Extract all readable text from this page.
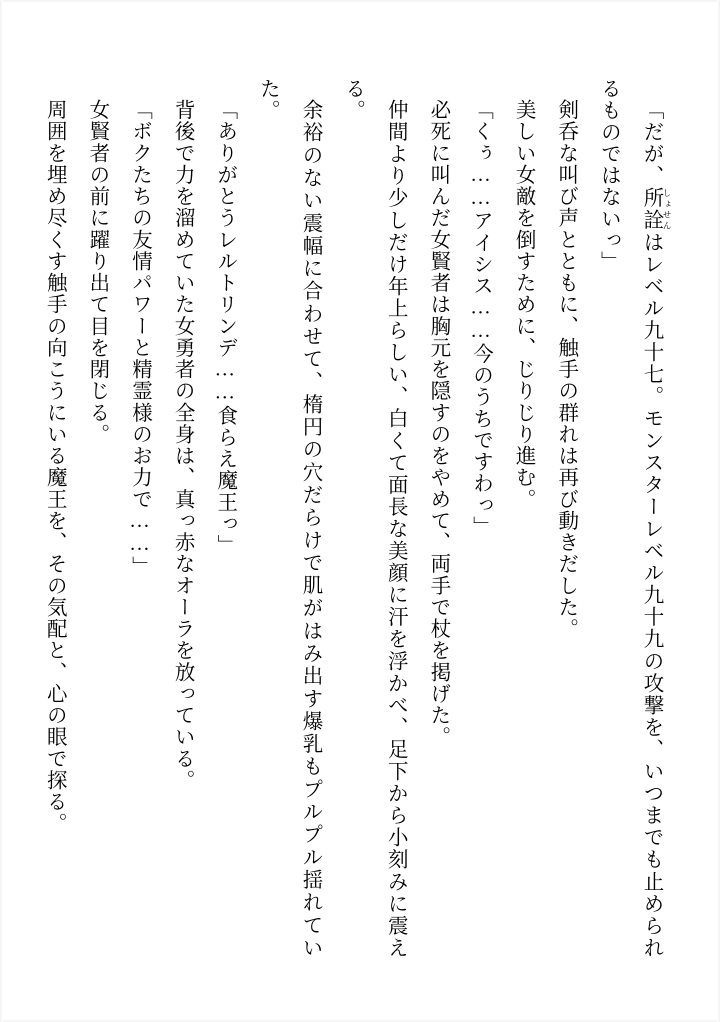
「だが、所詮 しょせんはレベル九十七。モンスターレベル九十九の攻撃を、いつまでも止められるものではないっ」

剣呑な叫び声とともに、触手の群れは再び動きだした。

美しい女敵を倒すために、じりじり進む。

「くぅ……アイシス……今のうちですわっ」

必死に叫んだ女賢者は胸元を隠すのをやめて、両手で杖を掲げた。

仲間より少しだけ年上らしい、白くて面長な美顔に汗を浮かべ、足下から小刻みに震える。

余裕のない震幅に合わせて、楕円の穴だらけで肌がはみ出す爆乳もプルプル揺れていた。

「ありがとうレルトリンデ……食らえ魔王っ」

背後で力を溜めていた女勇者の全身は、真っ赤なオーラを放っている。

「ボクたちの友情パワーと精霊様のお力で……」

女賢者の前に躍り出て目を閉じる。

周囲を埋め尽くす触手の向こうにいる魔王を、その気配と、心の眼で探る。
